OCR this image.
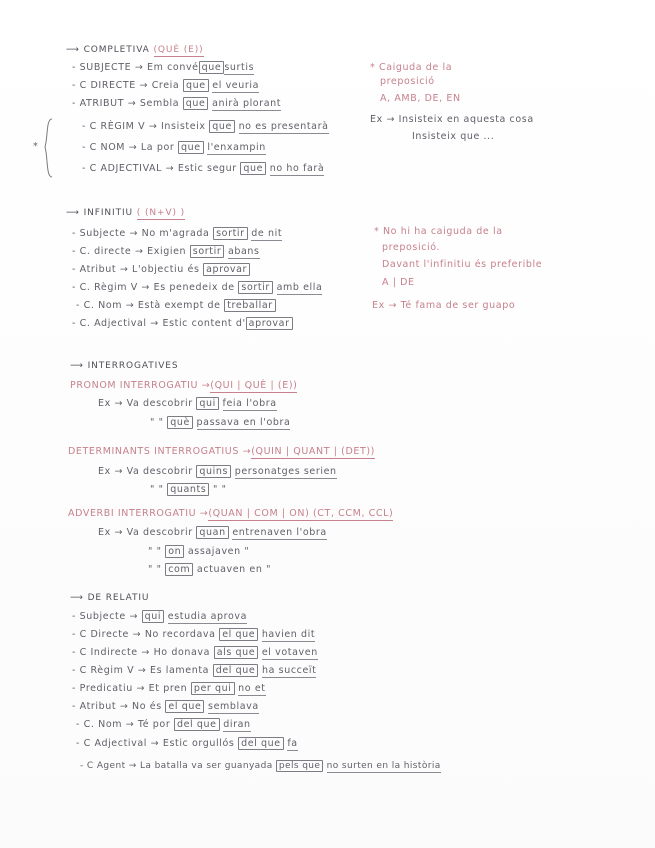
⟶ COMPLETIVA (QUÈ (E))
- SUBJECTE → Em convé que surtis
- C DIRECTE → Creia que el veuria
- ATRIBUT → Sembla que anirà plorant
*
- C RÈGIM V → Insisteix que no es presentarà
- C NOM → La por que l'enxampin
- C ADJECTIVAL → Estic segur que no ho farà
* Caiguda de la
preposició
A, AMB, DE, EN
Ex → Insisteix en aquesta cosa
Insisteix que ...
⟶ INFINITIU ( (N+V) )
- Subjecte → No m'agrada sortir de nit
- C. directe → Exigien sortir abans
- Atribut → L'objectiu és aprovar
- C. Règim V → Es penedeix de sortir amb ella
- C. Nom → Està exempt de treballar
- C. Adjectival → Estic content d' aprovar
* No hi ha caiguda de la
preposició.
Davant l'infinitiu és preferible
A | DE
Ex → Té fama de ser guapo
⟶ INTERROGATIVES
PRONOM INTERROGATIU →(QUI | QUÈ | (E))
Ex → Va descobrir qui feia l'obra
" " què passava en l'obra
DETERMINANTS INTERROGATIUS →(QUIN | QUANT | (DET))
Ex → Va descobrir quins personatges serien
" " quants " "
ADVERBI INTERROGATIU →(QUAN | COM | ON) (CT, CCM, CCL)
Ex → Va descobrir quan entrenaven l'obra
" " on assajaven "
" " com actuaven en "
⟶ DE RELATIU
- Subjecte → qui estudia aprova
- C Directe → No recordava el que havien dit
- C Indirecte → Ho donava als que el votaven
- C Règim V → Es lamenta del que ha succeït
- Predicatiu → Et pren per qui no et
- Atribut → No és el que semblava
- C. Nom → Té por del que diran
- C Adjectival → Estic orgullós del que fa
- C Agent → La batalla va ser guanyada pels que no surten en la història
